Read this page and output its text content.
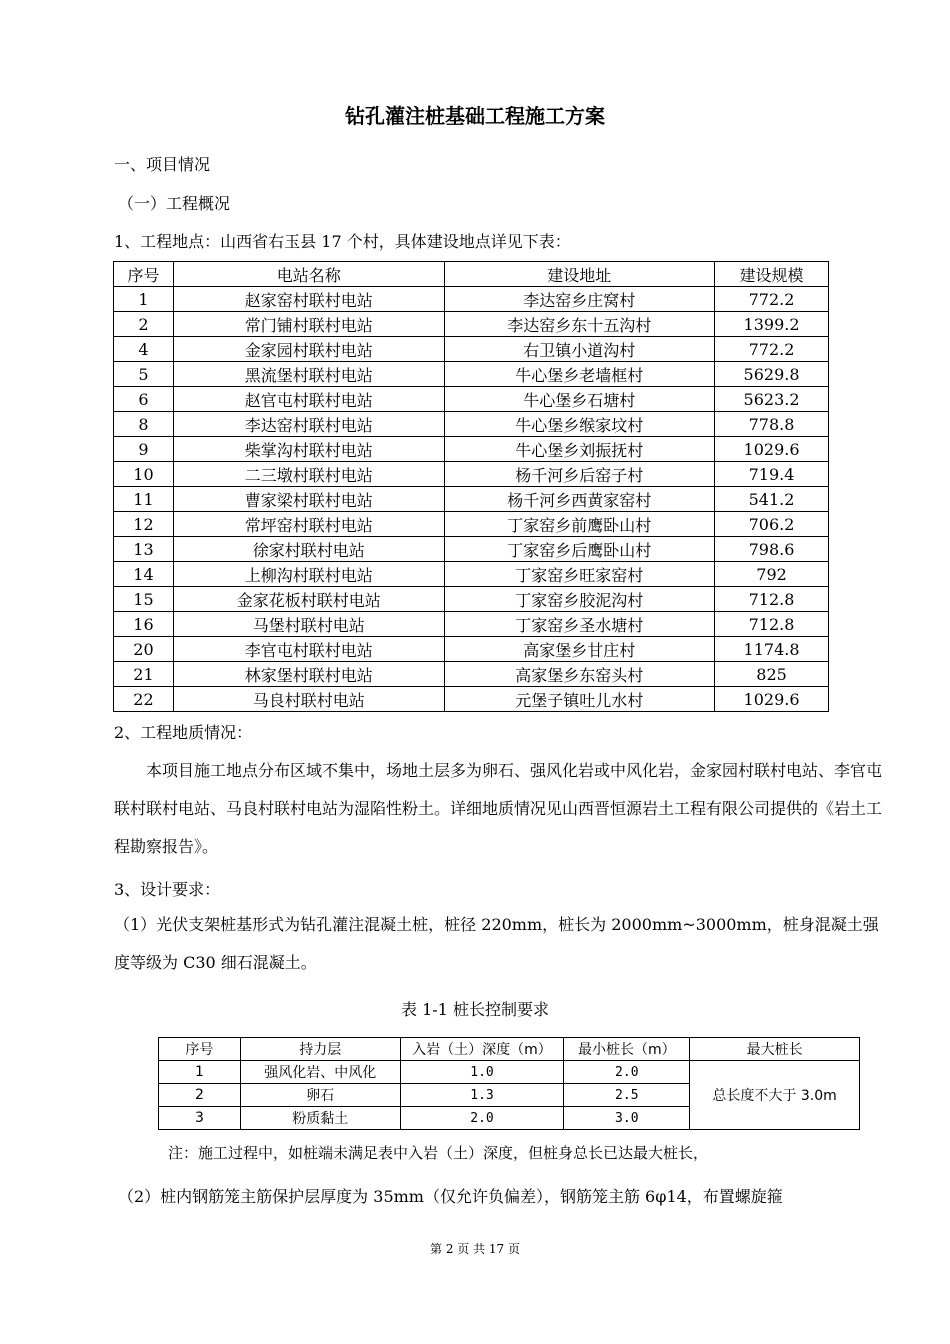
钻孔灌注桩基础工程施工方案
一、项目情况
（一）工程概况
1、工程地点：山西省右玉县 17 个村，具体建设地点详见下表：
序号	电站名称	建设地址	建设规模
1	赵家窑村联村电站	李达窑乡庄窝村	772.2
2	常门铺村联村电站	李达窑乡东十五沟村	1399.2
4	金家园村联村电站	右卫镇小道沟村	772.2
5	黑流堡村联村电站	牛心堡乡老墙框村	5629.8
6	赵官屯村联村电站	牛心堡乡石塘村	5623.2
8	李达窑村联村电站	牛心堡乡缑家坟村	778.8
9	柴掌沟村联村电站	牛心堡乡刘振抚村	1029.6
10	二三墩村联村电站	杨千河乡后窑子村	719.4
11	曹家梁村联村电站	杨千河乡西黄家窑村	541.2
12	常坪窑村联村电站	丁家窑乡前鹰卧山村	706.2
13	徐家村联村电站	丁家窑乡后鹰卧山村	798.6
14	上柳沟村联村电站	丁家窑乡旺家窑村	792
15	金家花板村联村电站	丁家窑乡胶泥沟村	712.8
16	马堡村联村电站	丁家窑乡圣水塘村	712.8
20	李官屯村联村电站	高家堡乡甘庄村	1174.8
21	林家堡村联村电站	高家堡乡东窑头村	825
22	马良村联村电站	元堡子镇吐儿水村	1029.6
2、工程地质情况：
本项目施工地点分布区域不集中，场地土层多为卵石、强风化岩或中风化岩，金家园村联村电站、李官屯联村联村电站、马良村联村电站为湿陷性粉土。详细地质情况见山西晋恒源岩土工程有限公司提供的《岩土工程勘察报告》。
3、设计要求：
（1）光伏支架桩基形式为钻孔灌注混凝土桩，桩径 220mm，桩长为 2000mm~3000mm，桩身混凝土强度等级为 C30 细石混凝土。
表 1-1 桩长控制要求
序号	持力层	入岩（土）深度（m）	最小桩长（m）	最大桩长
1	强风化岩、中风化	1.0	2.0	总长度不大于 3.0m
2	卵石	1.3	2.5	
3	粉质黏土	2.0	3.0	
注：施工过程中，如桩端未满足表中入岩（土）深度，但桩身总长已达最大桩长，
（2）桩内钢筋笼主筋保护层厚度为 35mm（仅允许负偏差），钢筋笼主筋 6φ14，布置螺旋箍
第 2 页 共 17 页
